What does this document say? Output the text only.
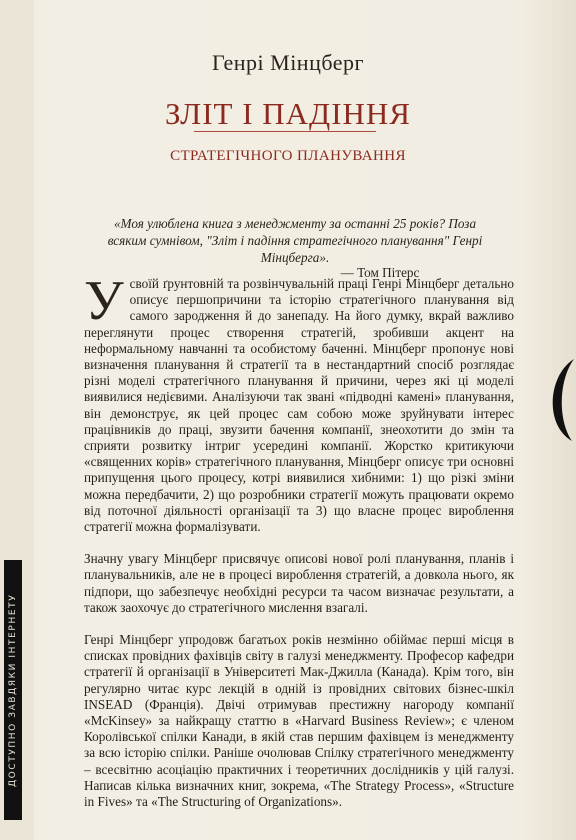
ДОСТУПНО ЗАВДЯКИ ІНТЕРНЕТУ
Генрі Мінцберг
ЗЛІТ І ПАДІННЯ
СТРАТЕГІЧНОГО ПЛАНУВАННЯ
«Моя улюблена книга з менеджменту за останні 25 років? Поза всяким сумнівом, "Зліт і падіння стратегічного планування" Генрі Мінцберга».
— Том Пітерс

Усвоїй ґрунтовній та розвінчувальній праці Генрі Мінцберг детально описує першопричини та історію стратегічного планування від самого зародження й до занепаду. На його думку, вкрай важливо переглянути процес створення стратегій, зробивши акцент на неформальному навчанні та особистому баченні. Мінцберг пропонує нові визначення планування й стратегії та в нестандартний спосіб розглядає різні моделі стратегічного планування й причини, через які ці моделі виявилися недієвими. Аналізуючи так звані «підводні камені» планування, він демонструє, як цей процес сам собою може зруйнувати інтерес працівників до праці, звузити бачення компанії, знеохотити до змін та сприяти розвитку інтриг усередині компанії. Жорстко критикуючи «священних корів» стратегічного планування, Мінцберг описує три основні припущення цього процесу, котрі виявилися хибними: 1) що різкі зміни можна передбачити, 2) що розробники стратегії можуть працювати окремо від поточної діяльності організації та 3) що власне процес вироблення стратегії можна формалізувати.

Значну увагу Мінцберг присвячує описові нової ролі планування, планів і планувальників, але не в процесі вироблення стратегій, а довкола нього, як підпори, що забезпечує необхідні ресурси та часом визначає результати, а також заохочує до стратегічного мислення взагалі.

Генрі Мінцберг упродовж багатьох років незмінно обіймає перші місця в списках провідних фахівців світу в галузі менеджменту. Професор кафедри стратегії й організації в Університеті Мак-Джилла (Канада). Крім того, він регулярно читає курс лекцій в одній із провідних світових бізнес-шкіл INSEAD (Франція). Двічі отримував престижну нагороду компанії «McKinsey» за найкращу статтю в «Harvard Business Review»; є членом Королівської спілки Канади, в якій став першим фахівцем із менеджменту за всю історію спілки. Раніше очолював Спілку стратегічного менеджменту – всесвітню асоціацію практичних і теоретичних дослідників у цій галузі. Написав кілька визначних книг, зокрема, «The Strategy Process», «Structure in Fives» та «The Structuring of Organizations».
